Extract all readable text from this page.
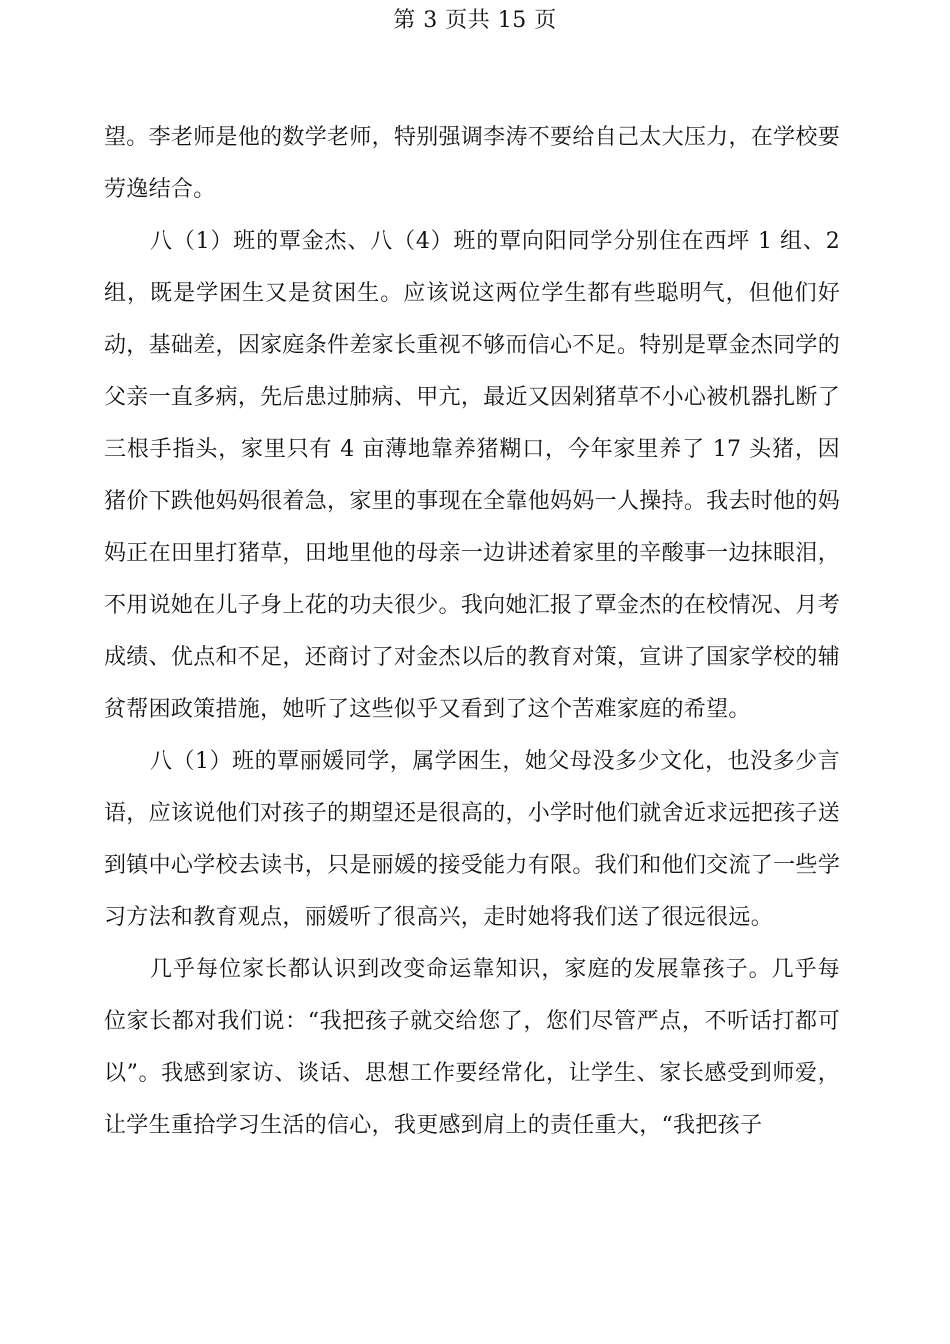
第 3 页共 15 页

望。李老师是他的数学老师，特别强调李涛不要给自己太大压力，在学校要劳逸结合。

八（1）班的覃金杰、八（4）班的覃向阳同学分别住在西坪 1 组、2 组，既是学困生又是贫困生。应该说这两位学生都有些聪明气，但他们好动，基础差，因家庭条件差家长重视不够而信心不足。特别是覃金杰同学的父亲一直多病，先后患过肺病、甲亢，最近又因剁猪草不小心被机器扎断了三根手指头，家里只有 4 亩薄地靠养猪糊口，今年家里养了 17 头猪，因猪价下跌他妈妈很着急，家里的事现在全靠他妈妈一人操持。我去时他的妈妈正在田里打猪草，田地里他的母亲一边讲述着家里的辛酸事一边抹眼泪，不用说她在儿子身上花的功夫很少。我向她汇报了覃金杰的在校情况、月考成绩、优点和不足，还商讨了对金杰以后的教育对策，宣讲了国家学校的辅贫帮困政策措施，她听了这些似乎又看到了这个苦难家庭的希望。

八（1）班的覃丽媛同学，属学困生，她父母没多少文化，也没多少言语，应该说他们对孩子的期望还是很高的，小学时他们就舍近求远把孩子送到镇中心学校去读书，只是丽媛的接受能力有限。我们和他们交流了一些学习方法和教育观点，丽媛听了很高兴，走时她将我们送了很远很远。

几乎每位家长都认识到改变命运靠知识，家庭的发展靠孩子。几乎每位家长都对我们说：“我把孩子就交给您了，您们尽管严点，不听话打都可以”。我感到家访、谈话、思想工作要经常化，让学生、家长感受到师爱，让学生重拾学习生活的信心，我更感到肩上的责任重大，“我把孩子
